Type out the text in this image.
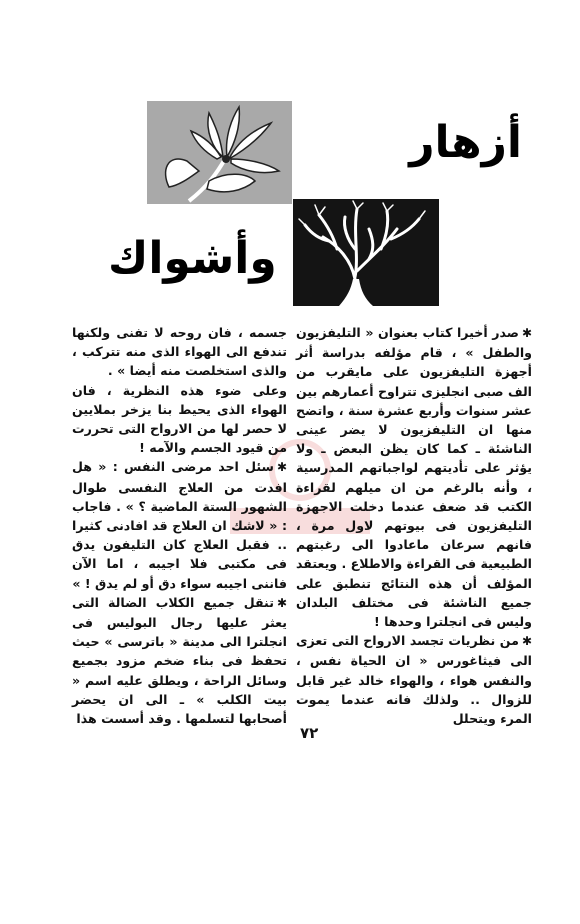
أزهار
وأشواك

✱صدر أخيرا كتاب بعنوان « التليفزيون والطفل » ، قام مؤلفه بدراسة أثر أجهزة التليفزيون على مايقرب من الف صبى انجليزى تتراوح أعمارهم بين عشر سنوات وأربع عشرة سنة ، واتضح منها ان التليفزيون لا يضر عينى الناشئة ـ كما كان يظن البعض ـ ولا يؤثر على تأديتهم لواجباتهم المدرسية ، وأنه بالرغم من ان ميلهم لقراءة الكتب قد ضعف عندما دخلت الاجهزة التليفزيون فى بيوتهم لاول مرة ، فانهم سرعان ماعادوا الى رغبتهم الطبيعية فى القراءة والاطلاع . ويعتقد المؤلف أن هذه النتائج تنطبق على جميع الناشئة فى مختلف البلدان وليس فى انجلترا وحدها !

✱من نظريات تجسد الارواح التى تعزى الى فيثاغورس « ان الحياة نفس ، والنفس هواء ، والهواء خالد غير قابل للزوال .. ولذلك فانه عندما يموت المرء ويتحلل

جسمه ، فان روحه لا تفنى ولكنها تندفع الى الهواء الذى منه تتركب ، والذى استخلصت منه أيضا » .

وعلى ضوء هذه النظرية ، فان الهواء الذى يحيط بنا يزخر بملايين لا حصر لها من الارواح التى تحررت من قيود الجسم والآمه !

✱سئل احد مرضى النفس : « هل افدت من العلاج النفسى طوال الشهور الستة الماضية ؟ » . فاجاب : « لاشك ان العلاج قد افادنى كثيرا .. فقبل العلاج كان التليفون يدق فى مكتبى فلا اجيبه ، اما الآن فاننى اجيبه سواء دق أو لم يدق ! »

✱تنقل جميع الكلاب الضالة التى يعثر عليها رجال البوليس فى انجلترا الى مدينة « باترسى » حيث تحفظ فى بناء ضخم مزود بجميع وسائل الراحة ، ويطلق عليه اسم « بيت الكلب » ـ الى ان يحضر أصحابها لتسلمها . وقد أسست هذا

٧٢
